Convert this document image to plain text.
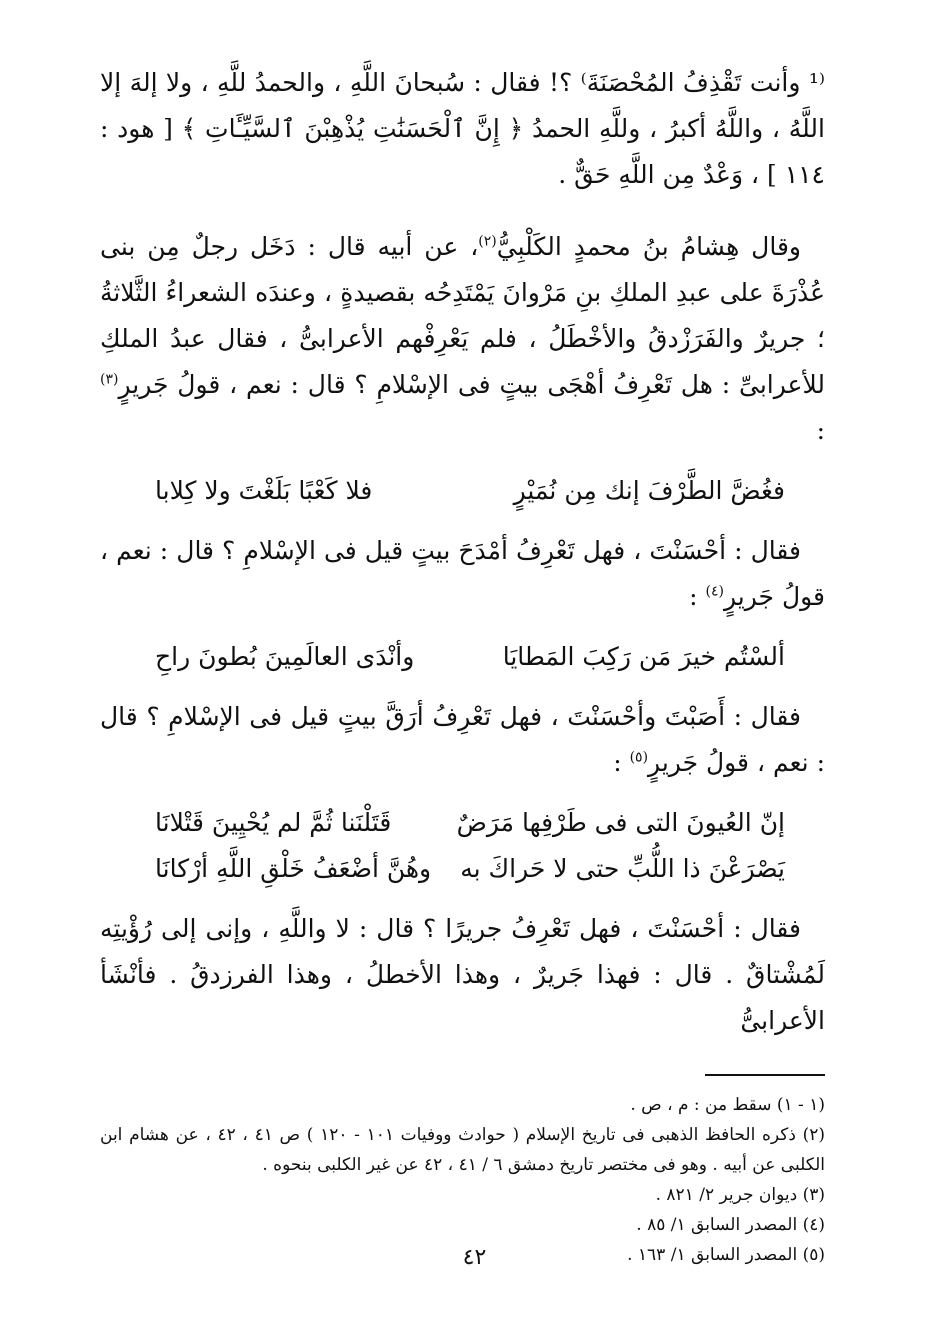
⁽¹ وأنت تَقْذِفُ المُحْصَنَةَ⁾ ؟! فقال : سُبحانَ اللَّهِ ، والحمدُ للَّهِ ، ولا إلهَ إلا اللَّهُ ، واللَّهُ أكبرُ ، وللَّهِ الحمدُ ﴿ إِنَّ ٱلْحَسَنَٰتِ يُذْهِبْنَ ٱلسَّيِّـَٔاتِ ﴾ [ هود : ١١٤ ] ، وَعْدٌ مِن اللَّهِ حَقٌّ .

وقال هِشامُ بنُ محمدٍ الكَلْبِيُّ$^{(٢)}$، عن أبيه قال : دَخَل رجلٌ مِن بنى عُذْرَةَ على عبدِ الملكِ بنِ مَرْوانَ يَمْتَدِحُه بقصيدةٍ ، وعندَه الشعراءُ الثَّلاثةُ ؛ جريرٌ والفَرَزْدقُ والأخْطَلُ ، فلم يَعْرِفْهم الأعرابىُّ ، فقال عبدُ الملكِ للأعرابىِّ : هل تَعْرِفُ أهْجَى بيتٍ فى الإسْلامِ ؟ قال : نعم ، قولُ جَريرٍ$^{(٣)}$ :

فغُضَّ الطَّرْفَ إنك مِن نُمَيْرٍ
فلا كَعْبًا بَلَغْتَ ولا كِلابا

فقال : أحْسَنْتَ ، فهل تَعْرِفُ أمْدَحَ بيتٍ قيل فى الإسْلامِ ؟ قال : نعم ، قولُ جَريرٍ$^{(٤)}$ :

ألسْتُم خيرَ مَن رَكِبَ المَطايَا
وأنْدَى العالَمِينَ بُطونَ راحِ

فقال : أَصَبْتَ وأحْسَنْتَ ، فهل تَعْرِفُ أرَقَّ بيتٍ قيل فى الإسْلامِ ؟ قال : نعم ، قولُ جَريرٍ$^{(٥)}$ :

إنّ العُيونَ التى فى طَرْفِها مَرَضٌ
قَتَلْنَنا ثُمَّ لم يُحْيِينَ قَتْلانَا
يَصْرَعْنَ ذا اللُّبِّ حتى لا حَراكَ به
وهُنَّ أضْعَفُ خَلْقِ اللَّهِ أرْكانَا

فقال : أحْسَنْتَ ، فهل تَعْرِفُ جريرًا ؟ قال : لا واللَّهِ ، وإنى إلى رُؤْيتِه لَمُشْتاقٌ . قال : فهذا جَريرٌ ، وهذا الأخطلُ ، وهذا الفرزدقُ . فأنْشَأ الأعرابىُّ

(١ - ١) سقط من : م ، ص .

(٢) ذكره الحافظ الذهبى فى تاريخ الإسلام ( حوادث ووفيات ١٠١ - ١٢٠ ) ص ٤١ ، ٤٢ ، عن هشام ابن الكلبى عن أبيه . وهو فى مختصر تاريخ دمشق ٦ / ٤١ ، ٤٢ عن غير الكلبى بنحوه .

(٣) ديوان جرير ٢/ ٨٢١ .

(٤) المصدر السابق ١/ ٨٥ .

(٥) المصدر السابق ١/ ١٦٣ .

٤٢
